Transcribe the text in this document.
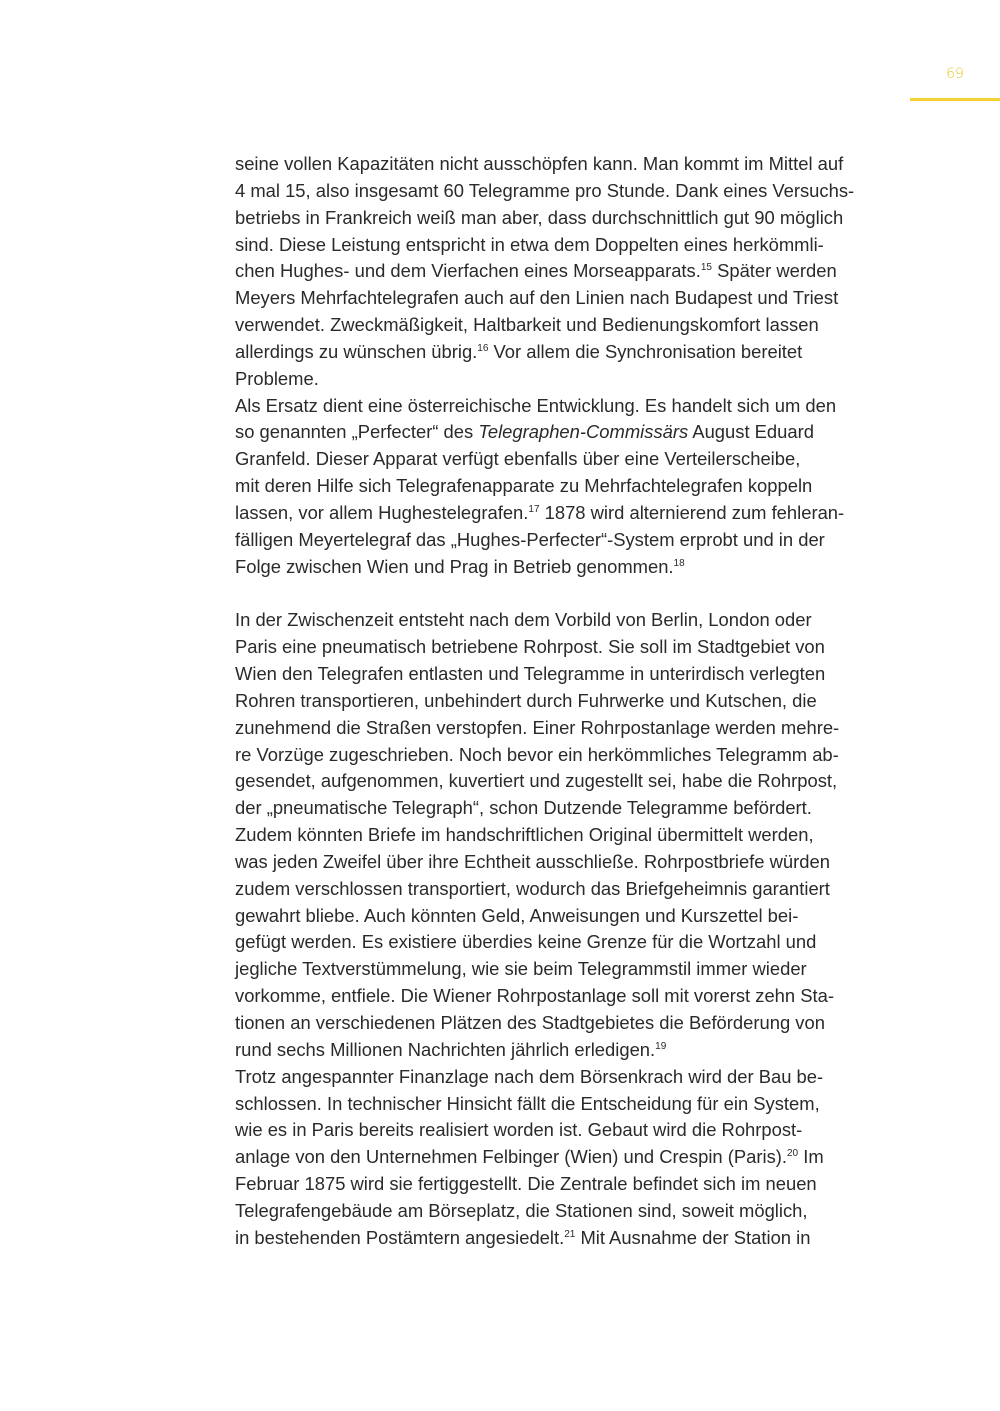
69
seine vollen Kapazitäten nicht ausschöpfen kann. Man kommt im Mittel auf
4 mal 15, also insgesamt 60 Telegramme pro Stunde. Dank eines Versuchs-
betriebs in Frankreich weiß man aber, dass durchschnittlich gut 90 möglich
sind. Diese Leistung entspricht in etwa dem Doppelten eines herkömmli-
chen Hughes- und dem Vierfachen eines Morseapparats.$^{15}$ Später werden
Meyers Mehrfachtelegrafen auch auf den Linien nach Budapest und Triest
verwendet. Zweckmäßigkeit, Haltbarkeit und Bedienungskomfort lassen
allerdings zu wünschen übrig.$^{16}$ Vor allem die Synchronisation bereitet
Probleme.
Als Ersatz dient eine österreichische Entwicklung. Es handelt sich um den
so genannten „Perfecter“ des Telegraphen-Commissärs August Eduard
Granfeld. Dieser Apparat verfügt ebenfalls über eine Verteilerscheibe,
mit deren Hilfe sich Telegrafenapparate zu Mehrfachtelegrafen koppeln
lassen, vor allem Hughestelegrafen.$^{17}$ 1878 wird alternierend zum fehleran-
fälligen Meyertelegraf das „Hughes-Perfecter“-System erprobt und in der
Folge zwischen Wien und Prag in Betrieb genommen.$^{18}$
In der Zwischenzeit entsteht nach dem Vorbild von Berlin, London oder
Paris eine pneumatisch betriebene Rohrpost. Sie soll im Stadtgebiet von
Wien den Telegrafen entlasten und Telegramme in unterirdisch verlegten
Rohren transportieren, unbehindert durch Fuhrwerke und Kutschen, die
zunehmend die Straßen verstopfen. Einer Rohrpostanlage werden mehre-
re Vorzüge zugeschrieben. Noch bevor ein herkömmliches Telegramm ab-
gesendet, aufgenommen, kuvertiert und zugestellt sei, habe die Rohrpost,
der „pneumatische Telegraph“, schon Dutzende Telegramme befördert.
Zudem könnten Briefe im handschriftlichen Original übermittelt werden,
was jeden Zweifel über ihre Echtheit ausschließe. Rohrpostbriefe würden
zudem verschlossen transportiert, wodurch das Briefgeheimnis garantiert
gewahrt bliebe. Auch könnten Geld, Anweisungen und Kurszettel bei-
gefügt werden. Es existiere überdies keine Grenze für die Wortzahl und
jegliche Textverstümmelung, wie sie beim Telegrammstil immer wieder
vorkomme, entfiele. Die Wiener Rohrpostanlage soll mit vorerst zehn Sta-
tionen an verschiedenen Plätzen des Stadtgebietes die Beförderung von
rund sechs Millionen Nachrichten jährlich erledigen.$^{19}$
Trotz angespannter Finanzlage nach dem Börsenkrach wird der Bau be-
schlossen. In technischer Hinsicht fällt die Entscheidung für ein System,
wie es in Paris bereits realisiert worden ist. Gebaut wird die Rohrpost-
anlage von den Unternehmen Felbinger (Wien) und Crespin (Paris).$^{20}$ Im
Februar 1875 wird sie fertiggestellt. Die Zentrale befindet sich im neuen
Telegrafengebäude am Börseplatz, die Stationen sind, soweit möglich,
in bestehenden Postämtern angesiedelt.$^{21}$ Mit Ausnahme der Station in
